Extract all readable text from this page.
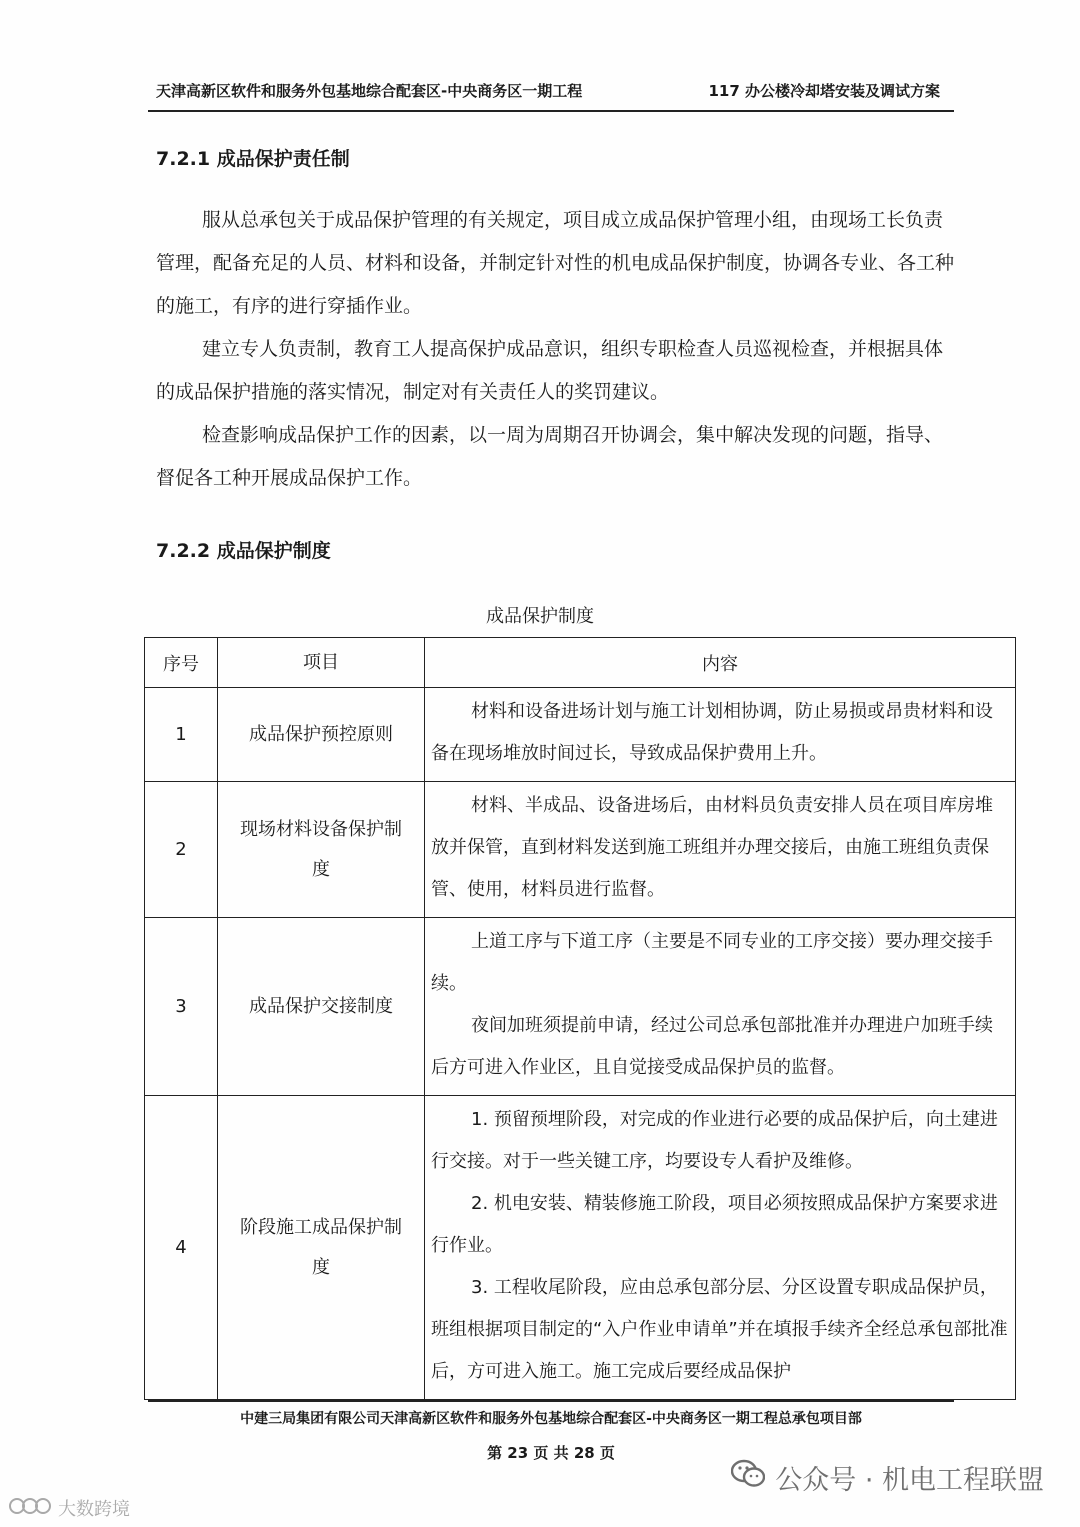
天津高新区软件和服务外包基地综合配套区-中央商务区一期工程	117 办公楼冷却塔安装及调试方案
7.2.1 成品保护责任制

服从总承包关于成品保护管理的有关规定，项目成立成品保护管理小组，由现场工长负责管理，配备充足的人员、材料和设备，并制定针对性的机电成品保护制度，协调各专业、各工种的施工，有序的进行穿插作业。

建立专人负责制，教育工人提高保护成品意识，组织专职检查人员巡视检查，并根据具体的成品保护措施的落实情况，制定对有关责任人的奖罚建议。

检查影响成品保护工作的因素，以一周为周期召开协调会，集中解决发现的问题，指导、督促各工种开展成品保护工作。

7.2.2 成品保护制度
成品保护制度
序号	项目	内容
1	成品保护预控原则	材料和设备进场计划与施工计划相协调，防止易损或昂贵材料和设备在现场堆放时间过长，导致成品保护费用上升。

2	现场材料设备保护制度	材料、半成品、设备进场后，由材料员负责安排人员在项目库房堆放并保管，直到材料发送到施工班组并办理交接后，由施工班组负责保管、使用，材料员进行监督。

3	成品保护交接制度	上道工序与下道工序（主要是不同专业的工序交接）要办理交接手续。

夜间加班须提前申请，经过公司总承包部批准并办理进户加班手续后方可进入作业区，且自觉接受成品保护员的监督。

4	阶段施工成品保护制度	1. 预留预埋阶段，对完成的作业进行必要的成品保护后，向土建进行交接。对于一些关键工序，均要设专人看护及维修。

2. 机电安装、精装修施工阶段，项目必须按照成品保护方案要求进行作业。

3. 工程收尾阶段，应由总承包部分层、分区设置专职成品保护员，班组根据项目制定的“入户作业申请单”并在填报手续齐全经总承包部批准后，方可进入施工。施工完成后要经成品保护

中建三局集团有限公司天津高新区软件和服务外包基地综合配套区-中央商务区一期工程总承包项目部
第 23 页 共 28 页
公众号 · 机电工程联盟
大数跨境
